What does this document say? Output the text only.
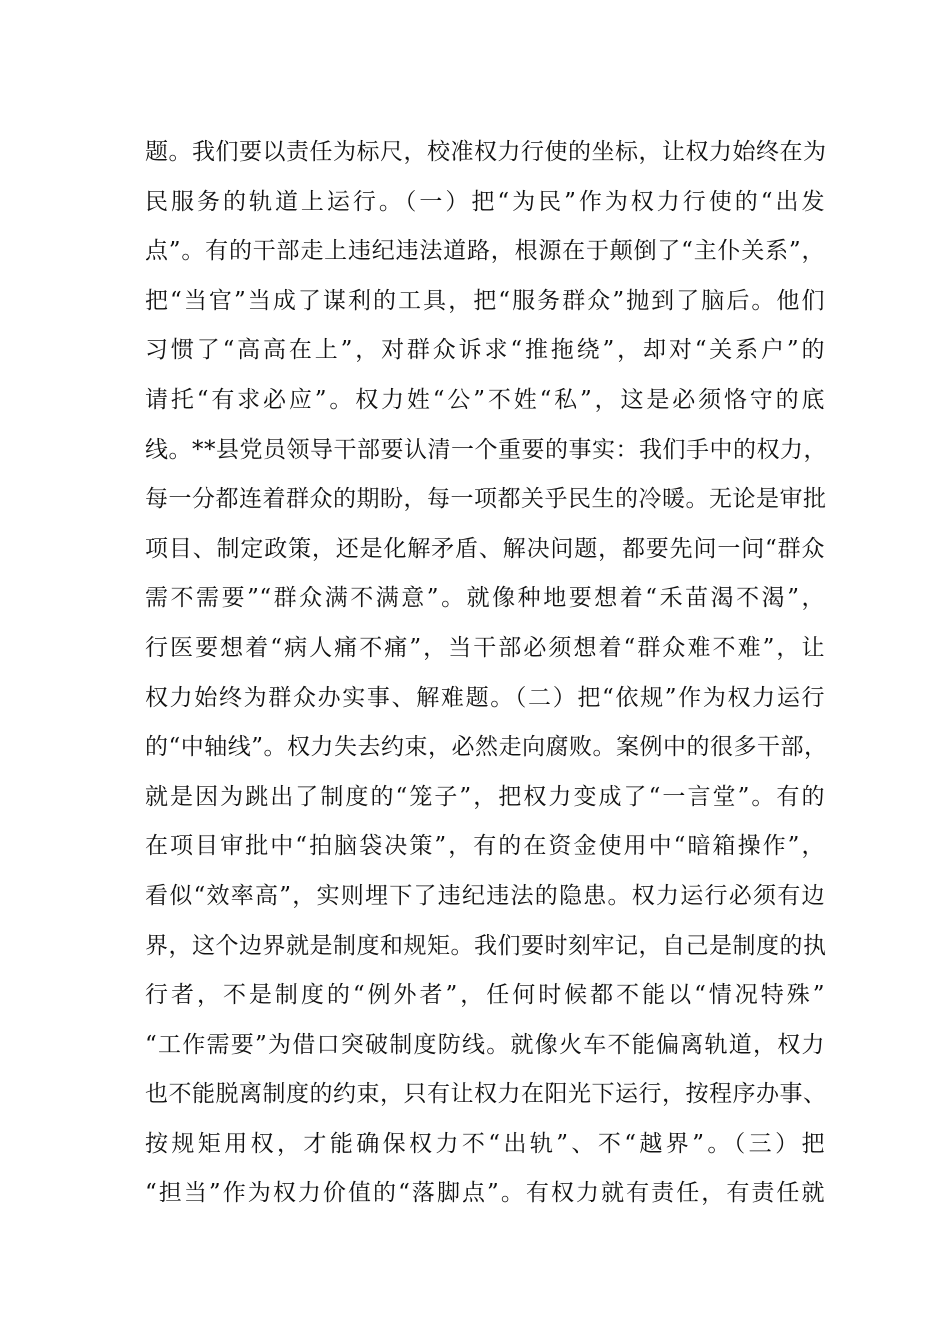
题。我们要以责任为标尺，校准权力行使的坐标，让权力始终在为
民服务的轨道上运行。（一）把“为民”作为权力行使的“出发
点”。有的干部走上违纪违法道路，根源在于颠倒了“主仆关系”，
把“当官”当成了谋利的工具，把“服务群众”抛到了脑后。他们
习惯了“高高在上”，对群众诉求“推拖绕”，却对“关系户”的
请托“有求必应”。权力姓“公”不姓“私”，这是必须恪守的底
线。**县党员领导干部要认清一个重要的事实：我们手中的权力，
每一分都连着群众的期盼，每一项都关乎民生的冷暖。无论是审批
项目、制定政策，还是化解矛盾、解决问题，都要先问一问“群众
需不需要”“群众满不满意”。就像种地要想着“禾苗渴不渴”，
行医要想着“病人痛不痛”，当干部必须想着“群众难不难”，让
权力始终为群众办实事、解难题。（二）把“依规”作为权力运行
的“中轴线”。权力失去约束，必然走向腐败。案例中的很多干部，
就是因为跳出了制度的“笼子”，把权力变成了“一言堂”。有的
在项目审批中“拍脑袋决策”，有的在资金使用中“暗箱操作”，
看似“效率高”，实则埋下了违纪违法的隐患。权力运行必须有边
界，这个边界就是制度和规矩。我们要时刻牢记，自己是制度的执
行者，不是制度的“例外者”，任何时候都不能以“情况特殊”
“工作需要”为借口突破制度防线。就像火车不能偏离轨道，权力
也不能脱离制度的约束，只有让权力在阳光下运行，按程序办事、
按规矩用权，才能确保权力不“出轨”、不“越界”。（三）把
“担当”作为权力价值的“落脚点”。有权力就有责任，有责任就
